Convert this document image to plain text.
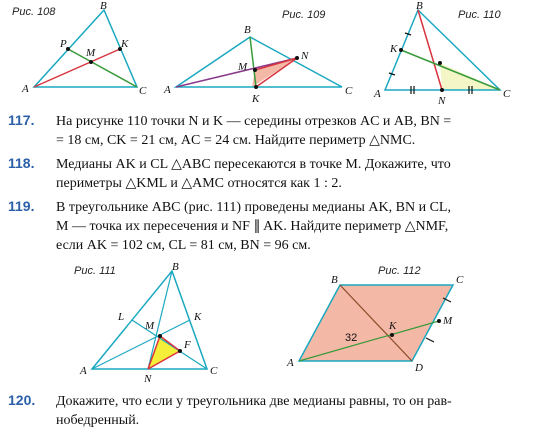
Рис. 108
A
B
C
P
M
K
Рис. 109
A
B
C
N
M
K
Рис. 110
A
B
C
K
N
117. На рисунке 110 точки N и K — середины отрезков AC и AB, BN =
= 18 см, CK = 21 см, AC = 24 см. Найдите периметр △NMC.
118. Медианы AK и CL △ABC пересекаются в точке M. Докажите, что
периметры △KML и △AMC относятся как 1 : 2.
119. В треугольнике ABC (рис. 111) проведены медианы AK, BN и CL,
M — точка их пересечения и NF ∥ AK. Найдите периметр △NMF,
если AK = 102 см, CL = 81 см, BN = 96 см.
Рис. 111
A
B
C
L
M
K
F
N
Рис. 112
32
A
B	C
D
K	M
120. Докажите, что если у треугольника две медианы равны, то он рав-
нобедренный.
